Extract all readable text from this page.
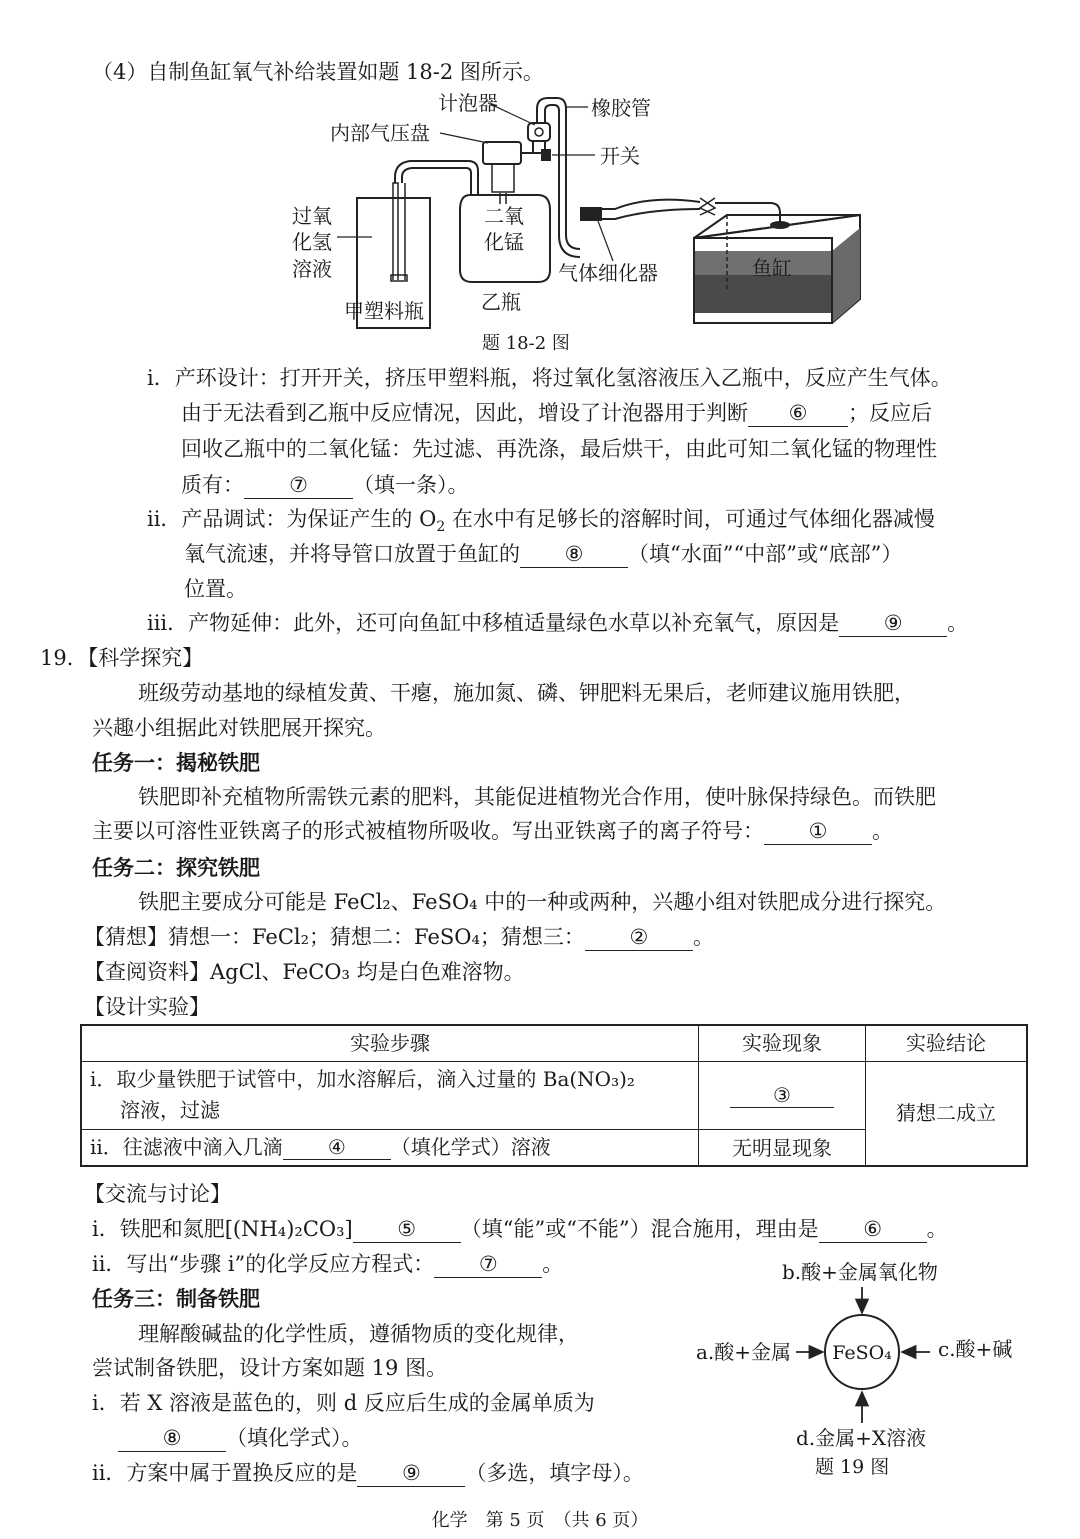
（4）自制鱼缸氧气补给装置如题 18-2 图所示。
计泡器	橡胶管
内部气压盘
开关
过氧
化氢
溶液
二氧
化锰
气体细化器	鱼缸
甲塑料瓶	乙瓶
题 18-2 图
i．产环设计：打开开关，挤压甲塑料瓶，将过氧化氢溶液压入乙瓶中，反应产生气体。
由于无法看到乙瓶中反应情况，因此，增设了计泡器用于判断 ⑥ ；反应后
回收乙瓶中的二氧化锰：先过滤、再洗涤，最后烘干，由此可知二氧化锰的物理性
质有： ⑦ （填一条）。
ii．产品调试：为保证产生的 $O_2$ 在水中有足够长的溶解时间，可通过气体细化器减慢
氧气流速，并将导管口放置于鱼缸的 ⑧ （填“水面”“中部”或“底部”）
位置。
iii．产物延伸：此外，还可向鱼缸中移植适量绿色水草以补充氧气，原因是 ⑨ 。
19．【科学探究】
班级劳动基地的绿植发黄、干瘪，施加氮、磷、钾肥料无果后，老师建议施用铁肥，
兴趣小组据此对铁肥展开探究。
任务一：揭秘铁肥
铁肥即补充植物所需铁元素的肥料，其能促进植物光合作用，使叶脉保持绿色。而铁肥
主要以可溶性亚铁离子的形式被植物所吸收。写出亚铁离子的离子符号： ① 。
任务二：探究铁肥
铁肥主要成分可能是 FeCl₂、FeSO₄ 中的一种或两种，兴趣小组对铁肥成分进行探究。
【猜想】猜想一：FeCl₂；猜想二：FeSO₄；猜想三： ② 。
【查阅资料】AgCl、FeCO₃ 均是白色难溶物。
【设计实验】
实验步骤	实验现象	实验结论

i．取少量铁肥于试管中，加水溶解后，滴入过量的 Ba(NO₃)₂
溶液，过滤	③	猜想二成立
ii．往滤液中滴入几滴 ④ （填化学式）溶液	无明显现象	
【交流与讨论】
i．铁肥和氮肥[(NH₄)₂CO₃] ⑤ （填“能”或“不能”）混合施用，理由是 ⑥ 。
ii．写出“步骤 i”的化学反应方程式： ⑦ 。
任务三：制备铁肥
理解酸碱盐的化学性质，遵循物质的变化规律，
尝试制备铁肥，设计方案如题 19 图。
i．若 X 溶液是蓝色的，则 d 反应后生成的金属单质为
⑧ （填化学式）。
ii．方案中属于置换反应的是 ⑨ （多选，填字母）。
FeSO₄
b.酸+金属氧化物
a.酸+金属
d.金属+X溶液
题 19 图
c.酸+碱
化学　第 5 页　（共 6 页）
